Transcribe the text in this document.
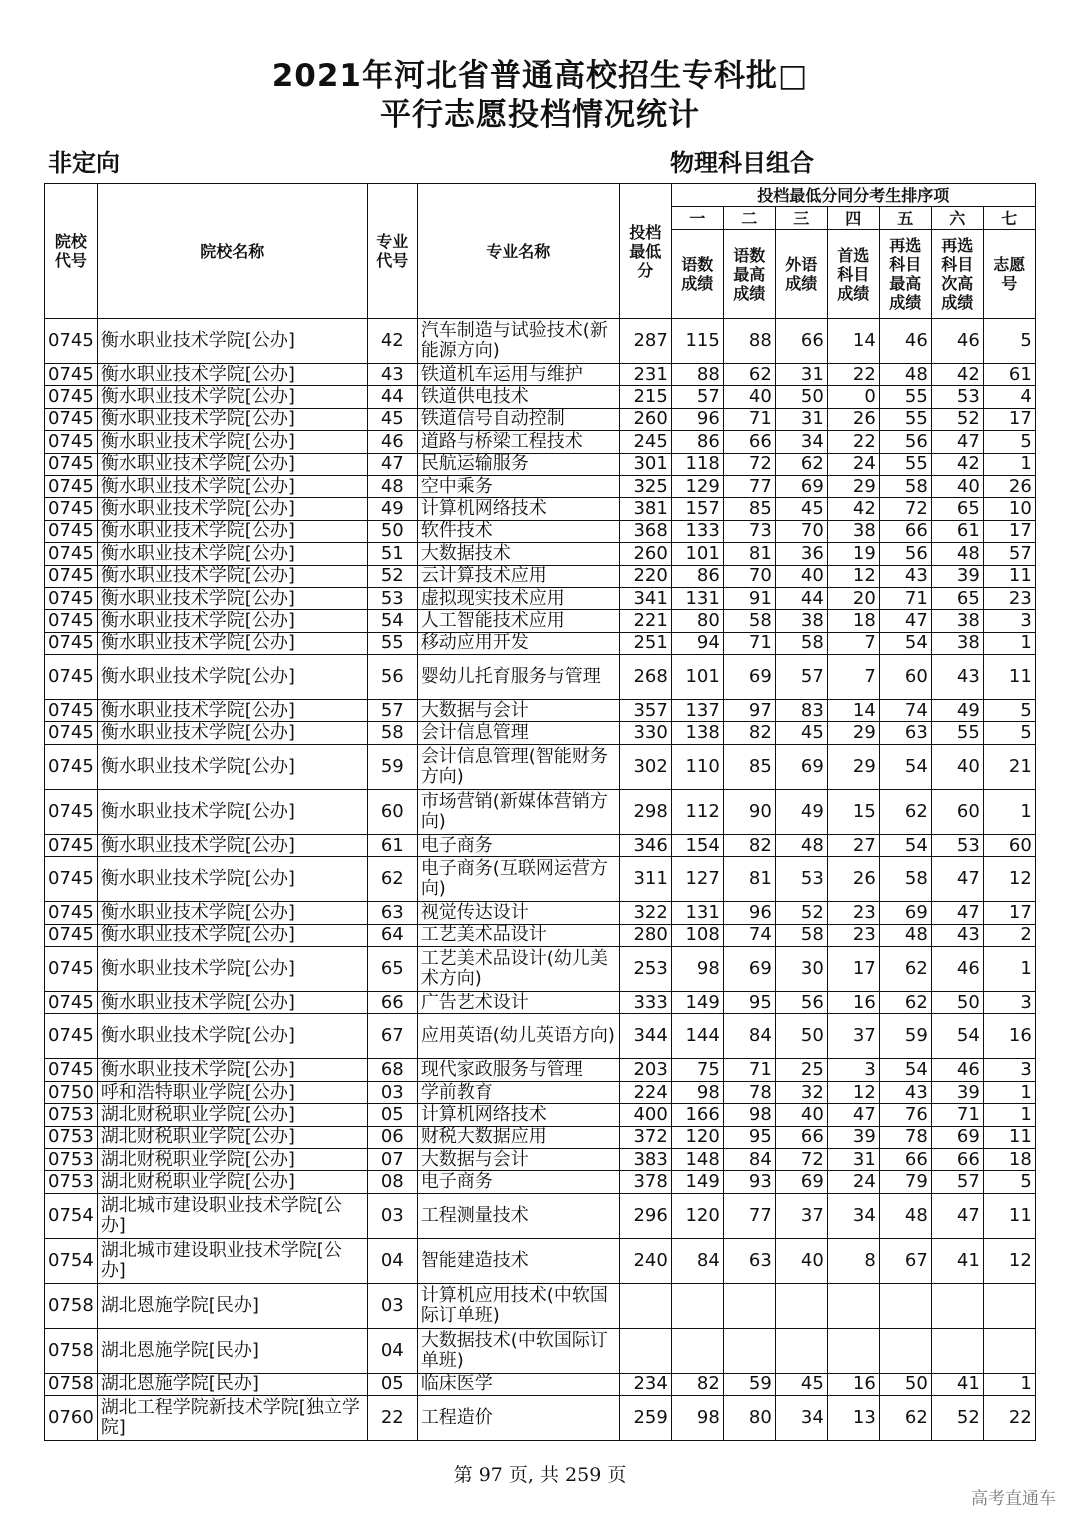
2021年河北省普通高校招生专科批□
平行志愿投档情况统计
非定向	物理科目组合
院校代号	院校名称	专业代号	专业名称	投档最低分	投档最低分同分考生排序项						
					一	二	三	四	五	六	七
					语数成绩	语数最高成绩	外语成绩	首选科目成绩	再选科目最高成绩	再选科目次高成绩	志愿号
0745	衡水职业技术学院[公办]	42	汽车制造与试验技术(新能源方向)	287	115	88	66	14	46	46	5
0745	衡水职业技术学院[公办]	43	铁道机车运用与维护	231	88	62	31	22	48	42	61
0745	衡水职业技术学院[公办]	44	铁道供电技术	215	57	40	50	0	55	53	4
0745	衡水职业技术学院[公办]	45	铁道信号自动控制	260	96	71	31	26	55	52	17
0745	衡水职业技术学院[公办]	46	道路与桥梁工程技术	245	86	66	34	22	56	47	5
0745	衡水职业技术学院[公办]	47	民航运输服务	301	118	72	62	24	55	42	1
0745	衡水职业技术学院[公办]	48	空中乘务	325	129	77	69	29	58	40	26
0745	衡水职业技术学院[公办]	49	计算机网络技术	381	157	85	45	42	72	65	10
0745	衡水职业技术学院[公办]	50	软件技术	368	133	73	70	38	66	61	17
0745	衡水职业技术学院[公办]	51	大数据技术	260	101	81	36	19	56	48	57
0745	衡水职业技术学院[公办]	52	云计算技术应用	220	86	70	40	12	43	39	11
0745	衡水职业技术学院[公办]	53	虚拟现实技术应用	341	131	91	44	20	71	65	23
0745	衡水职业技术学院[公办]	54	人工智能技术应用	221	80	58	38	18	47	38	3
0745	衡水职业技术学院[公办]	55	移动应用开发	251	94	71	58	7	54	38	1
0745	衡水职业技术学院[公办]	56	婴幼儿托育服务与管理	268	101	69	57	7	60	43	11
0745	衡水职业技术学院[公办]	57	大数据与会计	357	137	97	83	14	74	49	5
0745	衡水职业技术学院[公办]	58	会计信息管理	330	138	82	45	29	63	55	5
0745	衡水职业技术学院[公办]	59	会计信息管理(智能财务方向)	302	110	85	69	29	54	40	21
0745	衡水职业技术学院[公办]	60	市场营销(新媒体营销方向)	298	112	90	49	15	62	60	1
0745	衡水职业技术学院[公办]	61	电子商务	346	154	82	48	27	54	53	60
0745	衡水职业技术学院[公办]	62	电子商务(互联网运营方向)	311	127	81	53	26	58	47	12
0745	衡水职业技术学院[公办]	63	视觉传达设计	322	131	96	52	23	69	47	17
0745	衡水职业技术学院[公办]	64	工艺美术品设计	280	108	74	58	23	48	43	2
0745	衡水职业技术学院[公办]	65	工艺美术品设计(幼儿美术方向)	253	98	69	30	17	62	46	1
0745	衡水职业技术学院[公办]	66	广告艺术设计	333	149	95	56	16	62	50	3
0745	衡水职业技术学院[公办]	67	应用英语(幼儿英语方向)	344	144	84	50	37	59	54	16
0745	衡水职业技术学院[公办]	68	现代家政服务与管理	203	75	71	25	3	54	46	3
0750	呼和浩特职业学院[公办]	03	学前教育	224	98	78	32	12	43	39	1
0753	湖北财税职业学院[公办]	05	计算机网络技术	400	166	98	40	47	76	71	1
0753	湖北财税职业学院[公办]	06	财税大数据应用	372	120	95	66	39	78	69	11
0753	湖北财税职业学院[公办]	07	大数据与会计	383	148	84	72	31	66	66	18
0753	湖北财税职业学院[公办]	08	电子商务	378	149	93	69	24	79	57	5
0754	湖北城市建设职业技术学院[公办]	03	工程测量技术	296	120	77	37	34	48	47	11
0754	湖北城市建设职业技术学院[公办]	04	智能建造技术	240	84	63	40	8	67	41	12
0758	湖北恩施学院[民办]	03	计算机应用技术(中软国际订单班)								
0758	湖北恩施学院[民办]	04	大数据技术(中软国际订单班)								
0758	湖北恩施学院[民办]	05	临床医学	234	82	59	45	16	50	41	1
0760	湖北工程学院新技术学院[独立学院]	22	工程造价	259	98	80	34	13	62	52	22
第 97 页, 共 259 页
高考直通车
